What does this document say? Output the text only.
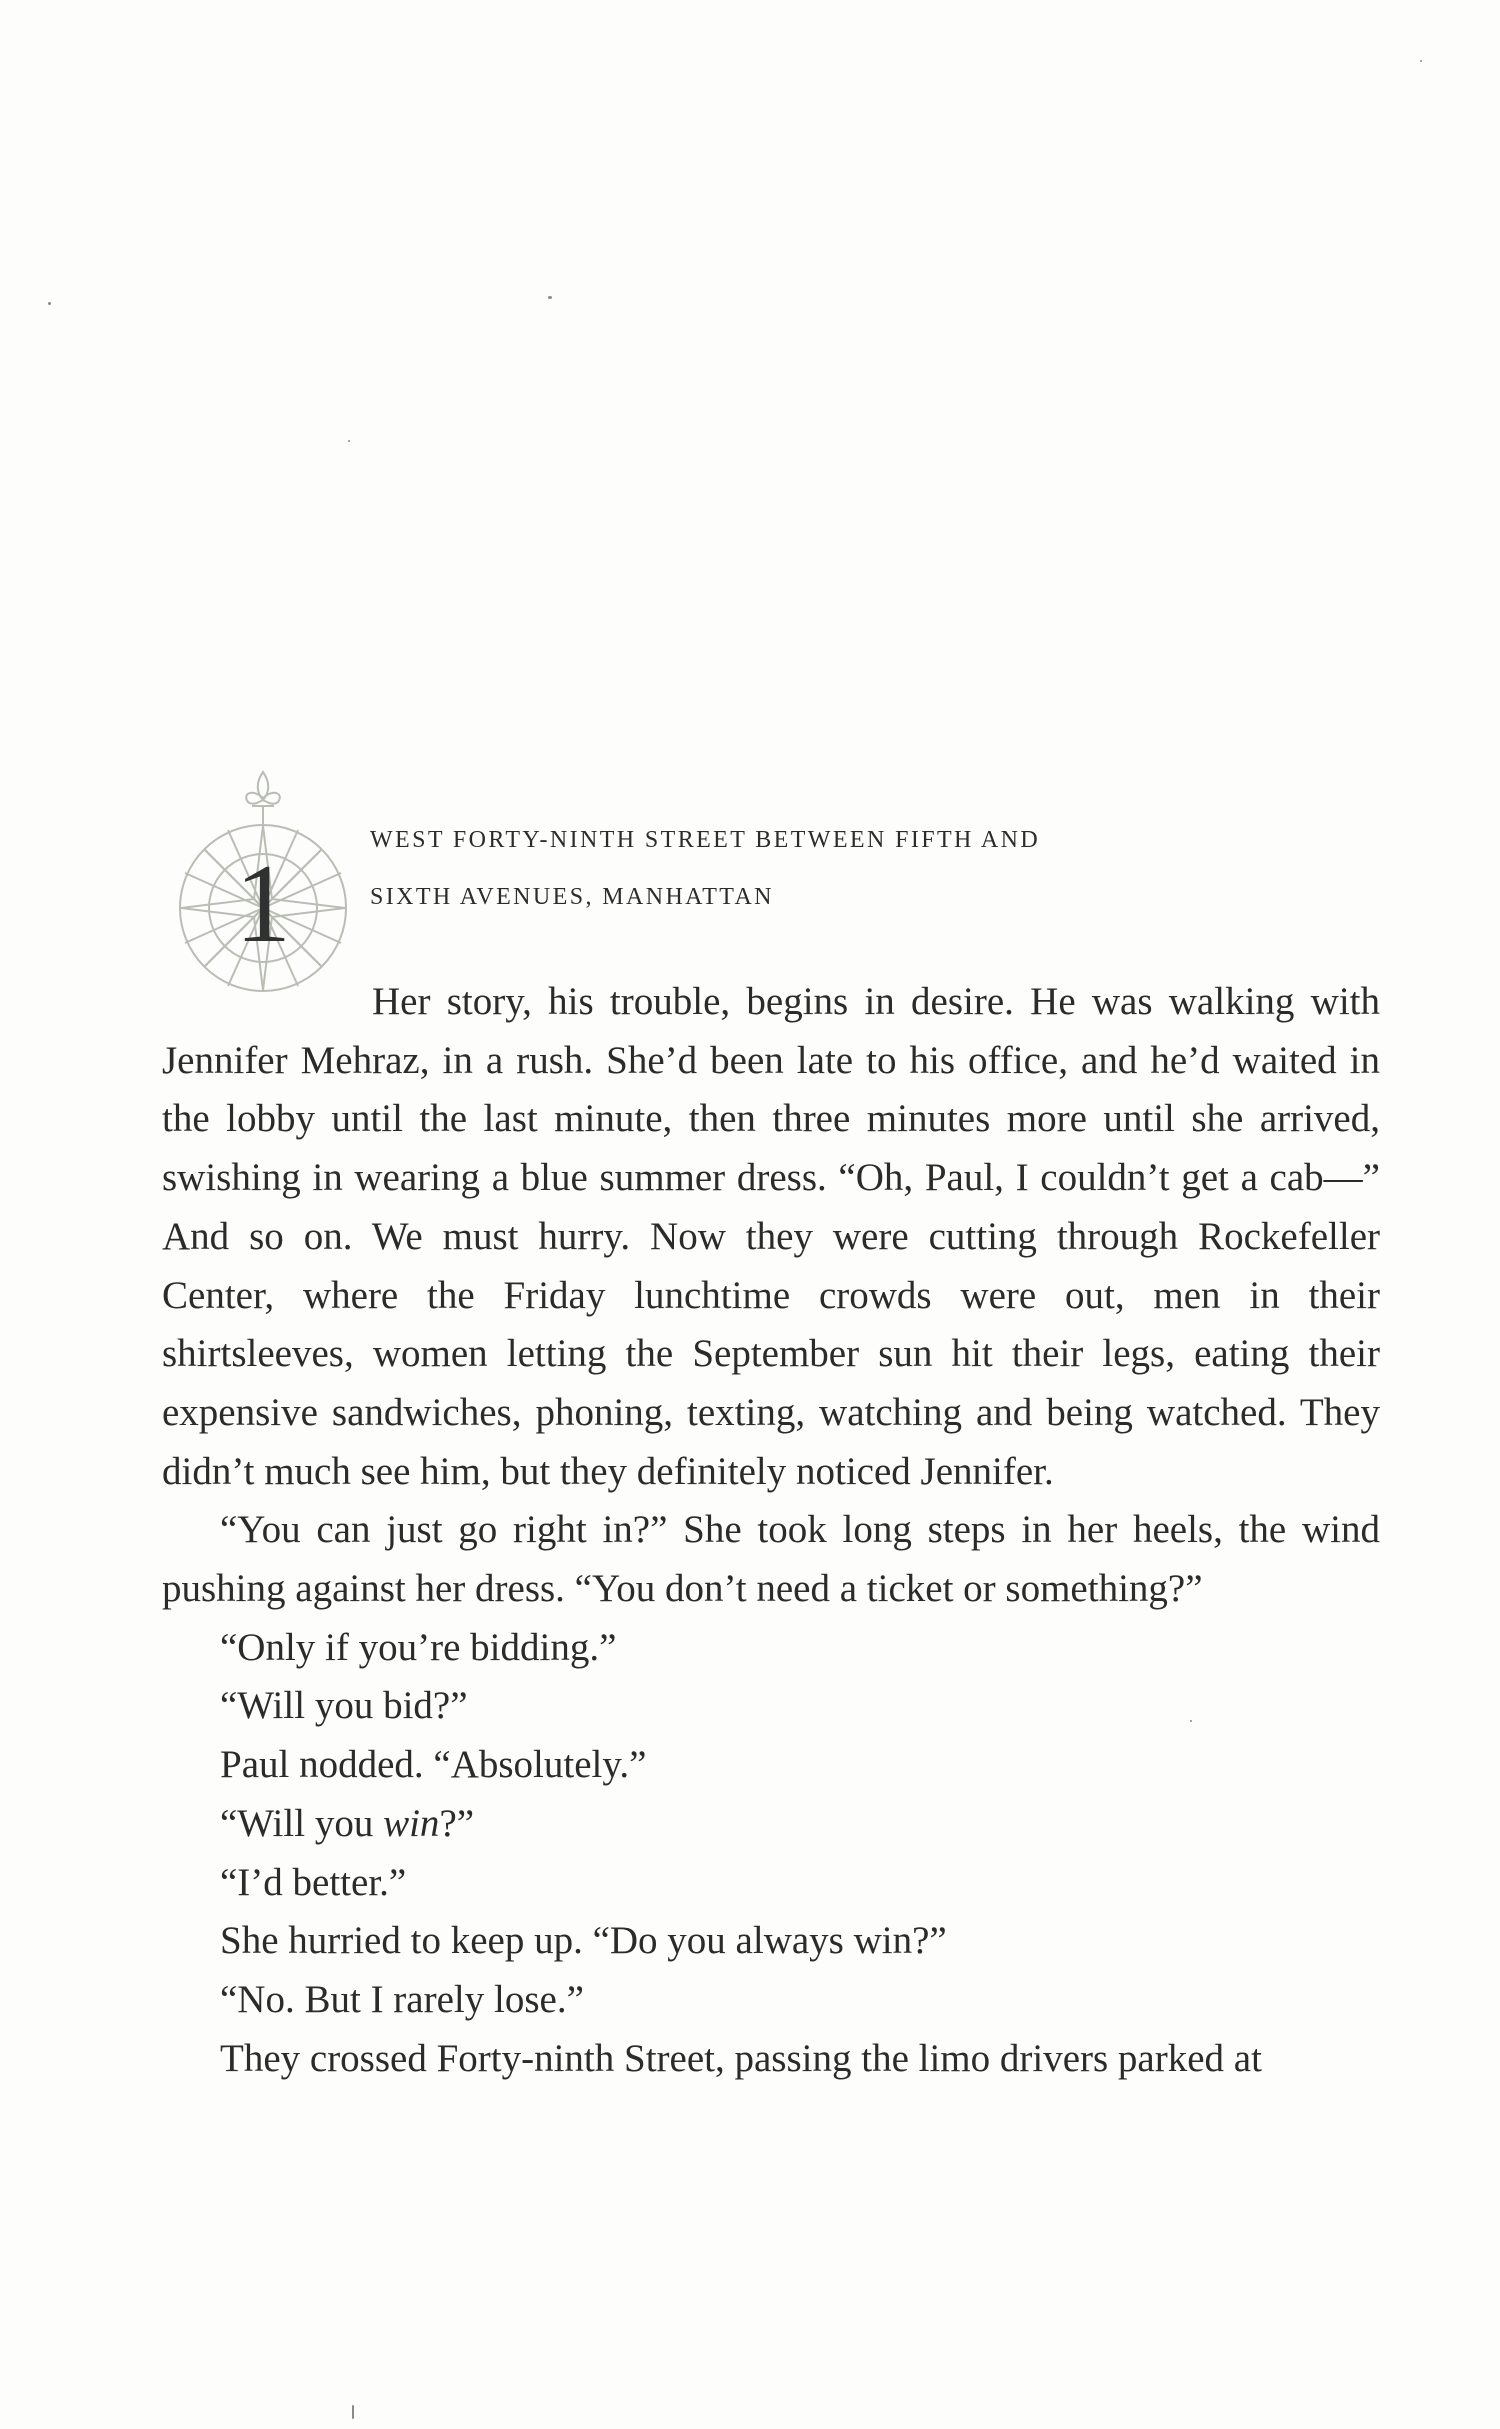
1
WEST FORTY-NINTH STREET BETWEEN FIFTH AND
SIXTH AVENUES, MANHATTAN

Her story, his trouble, begins in desire. He was walking with Jennifer Mehraz, in a rush. She’d been late to his office, and he’d waited in the lobby until the last minute, then three minutes more until she arrived, swishing in wearing a blue summer dress. “Oh, Paul, I couldn’t get a cab—” And so on. We must hurry. Now they were cutting through Rockefeller Center, where the Friday lunchtime crowds were out, men in their shirtsleeves, women letting the September sun hit their legs, eating their expensive sandwiches, phoning, texting, watching and being watched. They didn’t much see him, but they definitely noticed Jennifer.

“You can just go right in?” She took long steps in her heels, the wind pushing against her dress. “You don’t need a ticket or something?”

“Only if you’re bidding.”

“Will you bid?”

Paul nodded. “Absolutely.”

“Will you win?”

“I’d better.”

She hurried to keep up. “Do you always win?”

“No. But I rarely lose.”

They crossed Forty-ninth Street, passing the limo drivers parked at
